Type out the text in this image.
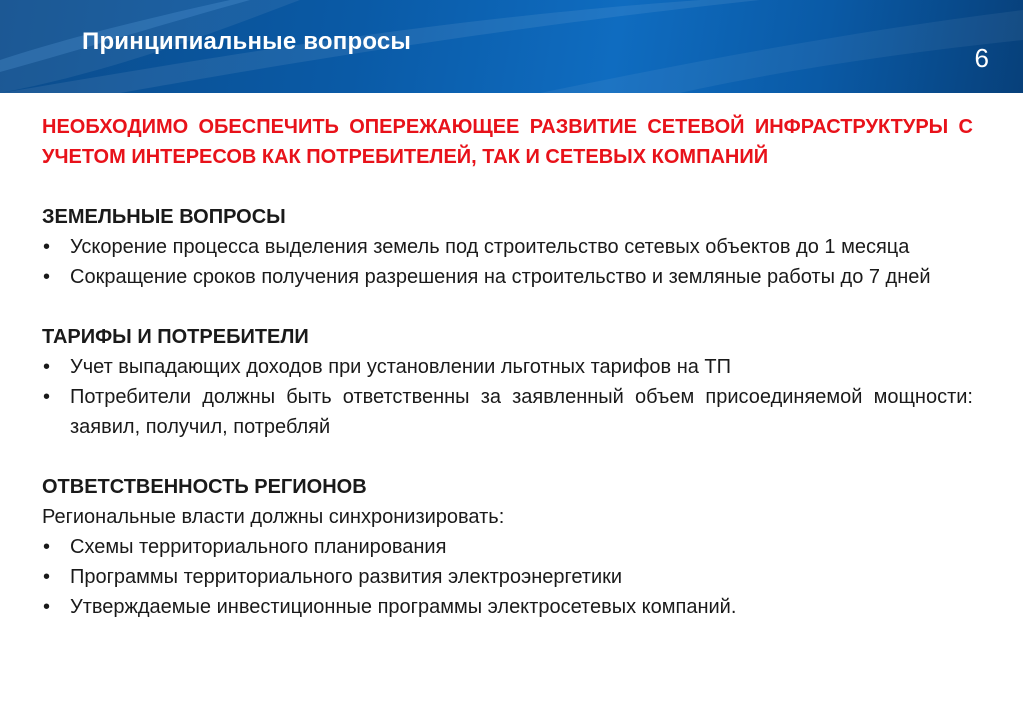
Принципиальные вопросы
6

НЕОБХОДИМО ОБЕСПЕЧИТЬ ОПЕРЕЖАЮЩЕЕ РАЗВИТИЕ СЕТЕВОЙ ИНФРАСТРУКТУРЫ С УЧЕТОМ ИНТЕРЕСОВ КАК ПОТРЕБИТЕЛЕЙ, ТАК И СЕТЕВЫХ КОМПАНИЙ

ЗЕМЕЛЬНЫЕ ВОПРОСЫ
• Ускорение процесса выделения земель под строительство сетевых объектов до 1 месяца
• Сокращение сроков получения разрешения на строительство и земляные работы до 7 дней
ТАРИФЫ И ПОТРЕБИТЕЛИ
• Учет выпадающих доходов при установлении льготных тарифов на ТП
• Потребители должны быть ответственны за заявленный объем присоединяемой мощности: заявил, получил, потребляй
ОТВЕТСТВЕННОСТЬ РЕГИОНОВ
Региональные власти должны синхронизировать:
• Схемы территориального планирования
• Программы территориального развития электроэнергетики
• Утверждаемые инвестиционные программы электросетевых компаний.
